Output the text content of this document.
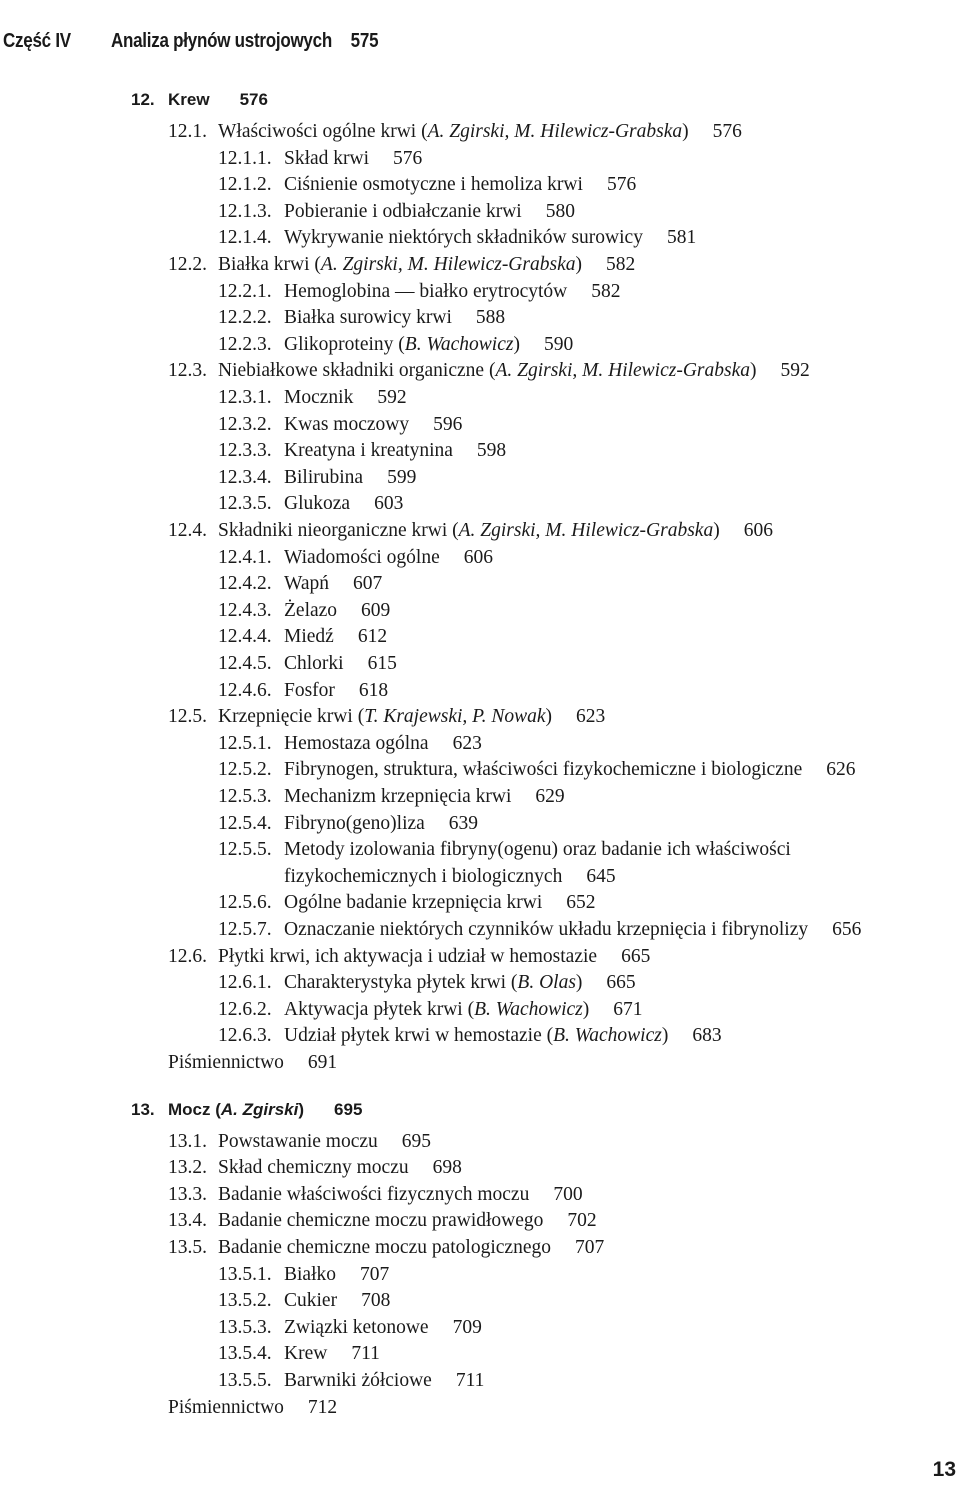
Część IV Analiza płynów ustrojowych 575
12. Krew 576
12.1. Właściwości ogólne krwi (A. Zgirski, M. Hilewicz-Grabska) 576
12.1.1. Skład krwi 576
12.1.2. Ciśnienie osmotyczne i hemoliza krwi 576
12.1.3. Pobieranie i odbiałczanie krwi 580
12.1.4. Wykrywanie niektórych składników surowicy 581
12.2. Białka krwi (A. Zgirski, M. Hilewicz-Grabska) 582
12.2.1. Hemoglobina — białko erytrocytów 582
12.2.2. Białka surowicy krwi 588
12.2.3. Glikoproteiny (B. Wachowicz) 590
12.3. Niebiałkowe składniki organiczne (A. Zgirski, M. Hilewicz-Grabska) 592
12.3.1. Mocznik 592
12.3.2. Kwas moczowy 596
12.3.3. Kreatyna i kreatynina 598
12.3.4. Bilirubina 599
12.3.5. Glukoza 603
12.4. Składniki nieorganiczne krwi (A. Zgirski, M. Hilewicz-Grabska) 606
12.4.1. Wiadomości ogólne 606
12.4.2. Wapń 607
12.4.3. Żelazo 609
12.4.4. Miedź 612
12.4.5. Chlorki 615
12.4.6. Fosfor 618
12.5. Krzepnięcie krwi (T. Krajewski, P. Nowak) 623
12.5.1. Hemostaza ogólna 623
12.5.2. Fibrynogen, struktura, właściwości fizykochemiczne i biologiczne 626
12.5.3. Mechanizm krzepnięcia krwi 629
12.5.4. Fibryno(geno)liza 639
12.5.5. Metody izolowania fibryny(ogenu) oraz badanie ich właściwości
fizykochemicznych i biologicznych 645
12.5.6. Ogólne badanie krzepnięcia krwi 652
12.5.7. Oznaczanie niektórych czynników układu krzepnięcia i fibrynolizy 656
12.6. Płytki krwi, ich aktywacja i udział w hemostazie 665
12.6.1. Charakterystyka płytek krwi (B. Olas) 665
12.6.2. Aktywacja płytek krwi (B. Wachowicz) 671
12.6.3. Udział płytek krwi w hemostazie (B. Wachowicz) 683
Piśmiennictwo 691
13. Mocz (A. Zgirski) 695
13.1. Powstawanie moczu 695
13.2. Skład chemiczny moczu 698
13.3. Badanie właściwości fizycznych moczu 700
13.4. Badanie chemiczne moczu prawidłowego 702
13.5. Badanie chemiczne moczu patologicznego 707
13.5.1. Białko 707
13.5.2. Cukier 708
13.5.3. Związki ketonowe 709
13.5.4. Krew 711
13.5.5. Barwniki żółciowe 711
Piśmiennictwo 712
13
